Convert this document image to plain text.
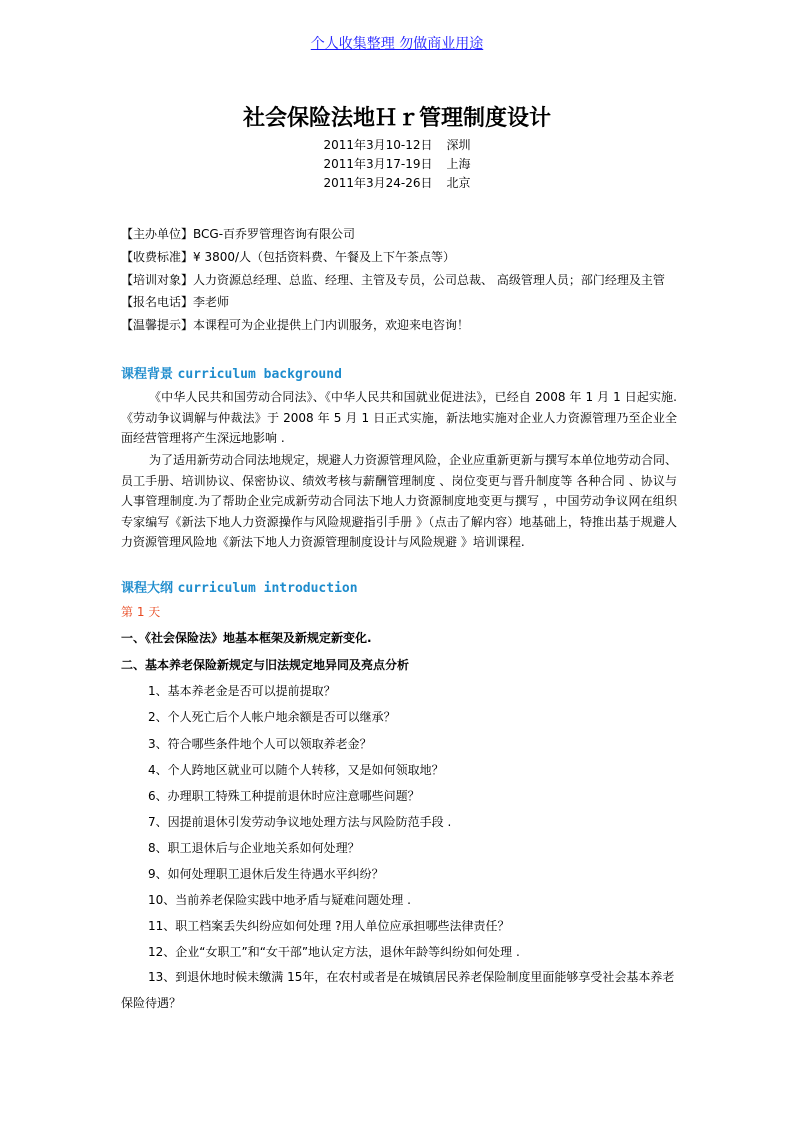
个人收集整理 勿做商业用途
社会保险法地Ｈｒ管理制度设计
2011年3月10-12日 深圳
2011年3月17-19日 上海
2011年3月24-26日 北京
【主办单位】BCG-百乔罗管理咨询有限公司
【收费标准】¥ 3800/人（包括资料费、午餐及上下午茶点等）
【培训对象】人力资源总经理、总监、经理、主管及专员，公司总裁、 高级管理人员；部门经理及主管
【报名电话】李老师
【温馨提示】本课程可为企业提供上门内训服务，欢迎来电咨询！
课程背景 curriculum background
《中华人民共和国劳动合同法》、《中华人民共和国就业促进法》，已经自 2008 年 1 月 1 日起实施.《劳动争议调解与仲裁法》于 2008 年 5 月 1 日正式实施，新法地实施对企业人力资源管理乃至企业全面经营管理将产生深远地影响 .
为了适用新劳动合同法地规定，规避人力资源管理风险，企业应重新更新与撰写本单位地劳动合同、员工手册、培训协议、保密协议、绩效考核与薪酬管理制度 、岗位变更与晋升制度等 各种合同 、协议与人事管理制度.为了帮助企业完成新劳动合同法下地人力资源制度地变更与撰写 ，中国劳动争议网在组织专家编写《新法下地人力资源操作与风险规避指引手册 》（点击了解内容）地基础上，特推出基于规避人力资源管理风险地《新法下地人力资源管理制度设计与风险规避 》培训课程.
课程大纲 curriculum introduction
第 1 天
一、《社会保险法》地基本框架及新规定新变化.
二、基本养老保险新规定与旧法规定地异同及亮点分析
1、基本养老金是否可以提前提取？
2、个人死亡后个人帐户地余额是否可以继承？
3、符合哪些条件地个人可以领取养老金？
4、个人跨地区就业可以随个人转移，又是如何领取地？
6、办理职工特殊工种提前退休时应注意哪些问题？
7、因提前退休引发劳动争议地处理方法与风险防范手段 .
8、职工退休后与企业地关系如何处理？
9、如何处理职工退休后发生待遇水平纠纷？
10、当前养老保险实践中地矛盾与疑难问题处理 .
11、职工档案丢失纠纷应如何处理 ?用人单位应承担哪些法律责任？
12、企业“女职工”和“女干部”地认定方法，退休年龄等纠纷如何处理 .
13、到退休地时候未缴满 15年，在农村或者是在城镇居民养老保险制度里面能够享受社会基本养老保险待遇？
